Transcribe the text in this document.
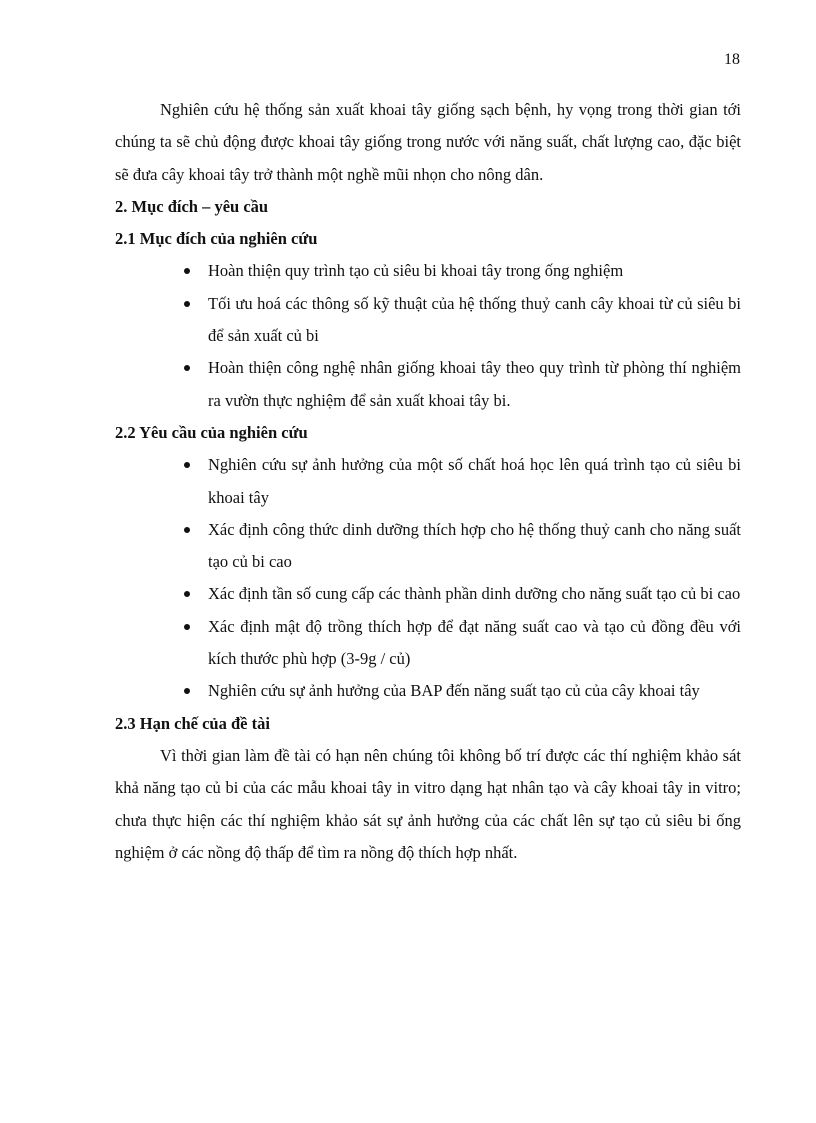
18

Nghiên cứu hệ thống sản xuất khoai tây giống sạch bệnh, hy vọng trong thời gian tới chúng ta sẽ chủ động được khoai tây giống trong nước với năng suất, chất lượng cao, đặc biệt sẽ đưa cây khoai tây trở thành một nghề mũi nhọn cho nông dân.

2. Mục đích – yêu cầu

2.1 Mục đích của nghiên cứu

Hoàn thiện quy trình tạo củ siêu bi khoai tây trong ống nghiệm
Tối ưu hoá các thông số kỹ thuật của hệ thống thuỷ canh cây khoai từ củ siêu bi để sản xuất củ bi
Hoàn thiện công nghệ nhân giống khoai tây theo quy trình từ phòng thí nghiệm ra vườn thực nghiệm để sản xuất khoai tây bi.

2.2 Yêu cầu của nghiên cứu

Nghiên cứu sự ảnh hưởng của một số chất hoá học lên quá trình tạo củ siêu bi khoai tây
Xác định công thức dinh dưỡng thích hợp cho hệ thống thuỷ canh cho năng suất tạo củ bi cao
Xác định tần số cung cấp các thành phần dinh dưỡng cho năng suất tạo củ bi cao
Xác định mật độ trồng thích hợp để đạt năng suất cao và tạo củ đồng đều với kích thước phù hợp (3-9g / củ)
Nghiên cứu sự ảnh hưởng của BAP đến năng suất tạo củ của cây khoai tây

2.3 Hạn chế của đề tài

Vì thời gian làm đề tài có hạn nên chúng tôi không bố trí được các thí nghiệm khảo sát khả năng tạo củ bi của các mẫu khoai tây in vitro dạng hạt nhân tạo và cây khoai tây in vitro; chưa thực hiện các thí nghiệm khảo sát sự ảnh hưởng của các chất lên sự tạo củ siêu bi ống nghiệm ở các nồng độ thấp để tìm ra nồng độ thích hợp nhất.
